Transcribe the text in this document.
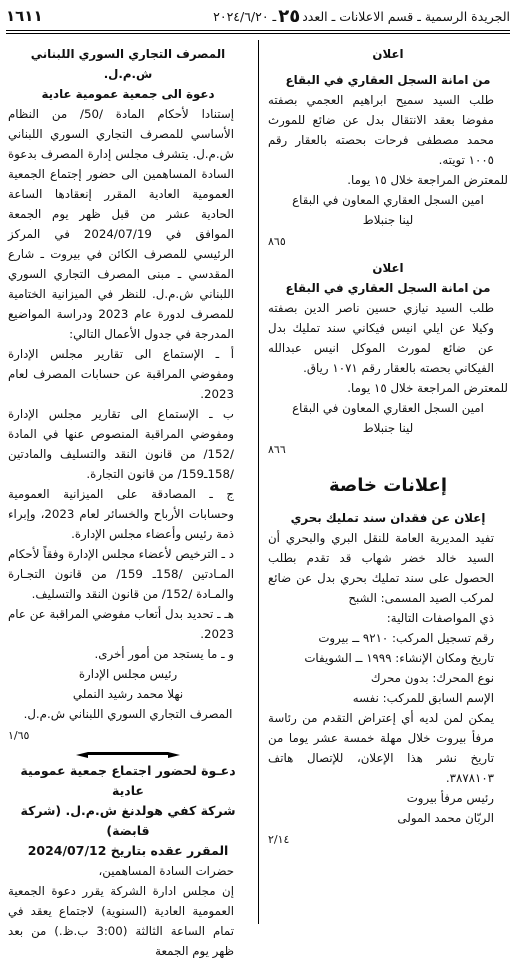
الجريدة الرسمية ـ قسم الاعلانات ـ العدد
٢٥
ـ ٢٠٢٤/٦/٢٠
١٦١١

اعلان

من امانة السجل العقاري في البقاع

طلب السيد سميح ابراهيم العجمي بصفته مفوضا بعقد الانتقال بدل عن ضائع للمورث محمد مصطفى فرحات بحصته بالعقار رقم ١٠٠٥ تويته.

للمعترض المراجعة خلال ١٥ يوما.

امين السجل العقاري المعاون في البقاع

لينا جنبلاط

٨٦٥

اعلان

من امانة السجل العقاري في البقاع

طلب السيد نيازي حسين ناصر الدين بصفته وكيلا عن ايلي انيس فيكاني سند تمليك بدل عن ضائع لمورث الموكل انيس عبدالله الفيكاني بحصته بالعقار رقم ١٠٧١ رياق.

للمعترض المراجعة خلال ١٥ يوما.

امين السجل العقاري المعاون في البقاع

لينا جنبلاط

٨٦٦

إعلانات خاصة

إعلان عن فقدان سند تمليك بحري

تفيد المديرية العامة للنقل البري والبحري أن السيد خالد خضر شهاب قد تقدم بطلب الحصول على سند تمليك بحري بدل عن ضائع لمركب الصيد المسمى: الشبح

ذي المواصفات التالية:

رقم تسجيل المركب: ٩٢١٠ ــ بيروت

تاريخ ومكان الإنشاء: ١٩٩٩ ــ الشويفات

نوع المحرك: بدون محرك

الإسم السابق للمركب: نفسه

يمكن لمن لديه أي إعتراض التقدم من رئاسة مرفأ بيروت خلال مهلة خمسة عشر يوما من تاريخ نشر هذا الإعلان، للإتصال هاتف ٣٨٧٨١٠٣.

رئيس مرفأ بيروت

الربّان محمد المولى

٢/١٤

المصرف التجاري السوري اللبناني ش.م.ل.

دعوة الى جمعية عمومية عادية

إستنادا لأحكام المادة /50/ من النظام الأساسي للمصرف التجاري السوري اللبناني ش.م.ل. يتشرف مجلس إدارة المصرف بدعوة السادة المساهمين الى حضور إجتماع الجمعية العمومية العادية المقرر إنعقادها الساعة الحادية عشر من قبل ظهر يوم الجمعة الموافق في 2024/07/19 في المركز الرئيسي للمصرف الكائن في بيروت ـ شارع المقدسي ـ مبنى المصرف التجاري السوري اللبناني ش.م.ل. للنظر في الميزانية الختامية للمصرف لدورة عام 2023 ودراسة المواضيع المدرجة في جدول الأعمال التالي:

أ ـ الإستماع الى تقارير مجلس الإدارة ومفوضي المراقبة عن حسابات المصرف لعام 2023.

ب ـ الإستماع الى تقارير مجلس الإدارة ومفوضي المراقبة المنصوص عنها في المادة /152/ من قانون النقد والتسليف والمادتين /158ـ159/ من قانون التجارة.

ج ـ المصادقة على الميزانية العمومية وحسابات الأرباح والخسائر لعام 2023، وإبراء ذمة رئيس وأعضاء مجلس الإدارة.

د ـ الترخيص لأعضاء مجلس الإدارة وفقاً لأحكام المـادتين /158ـ 159/ من قانون التجـارة والمـادة /152/ من قانون النقد والتسليف.

هـ ـ تحديد بدل أتعاب مفوضي المراقبة عن عام 2023.

و ـ ما يستجد من أمور أخرى.

رئيس مجلس الإدارة

نهلا محمد رشيد النملي

المصرف التجاري السوري اللبناني ش.م.ل.

١/٦٥

دعـوة لحضور اجتماع جمعية عمومية عادية

شركة كفي هولدنغ ش.م.ل. (شركة قابضة)

المقرر عقده بتاريخ 2024/07/12

حضرات السادة المساهمين،

إن مجلس ادارة الشركة يقرر دعوة الجمعية العمومية العادية (السنوية) لاجتماع يعقد في تمام الساعة الثالثة (3:00 ب.ظ.) من بعد ظهر يوم الجمعة
